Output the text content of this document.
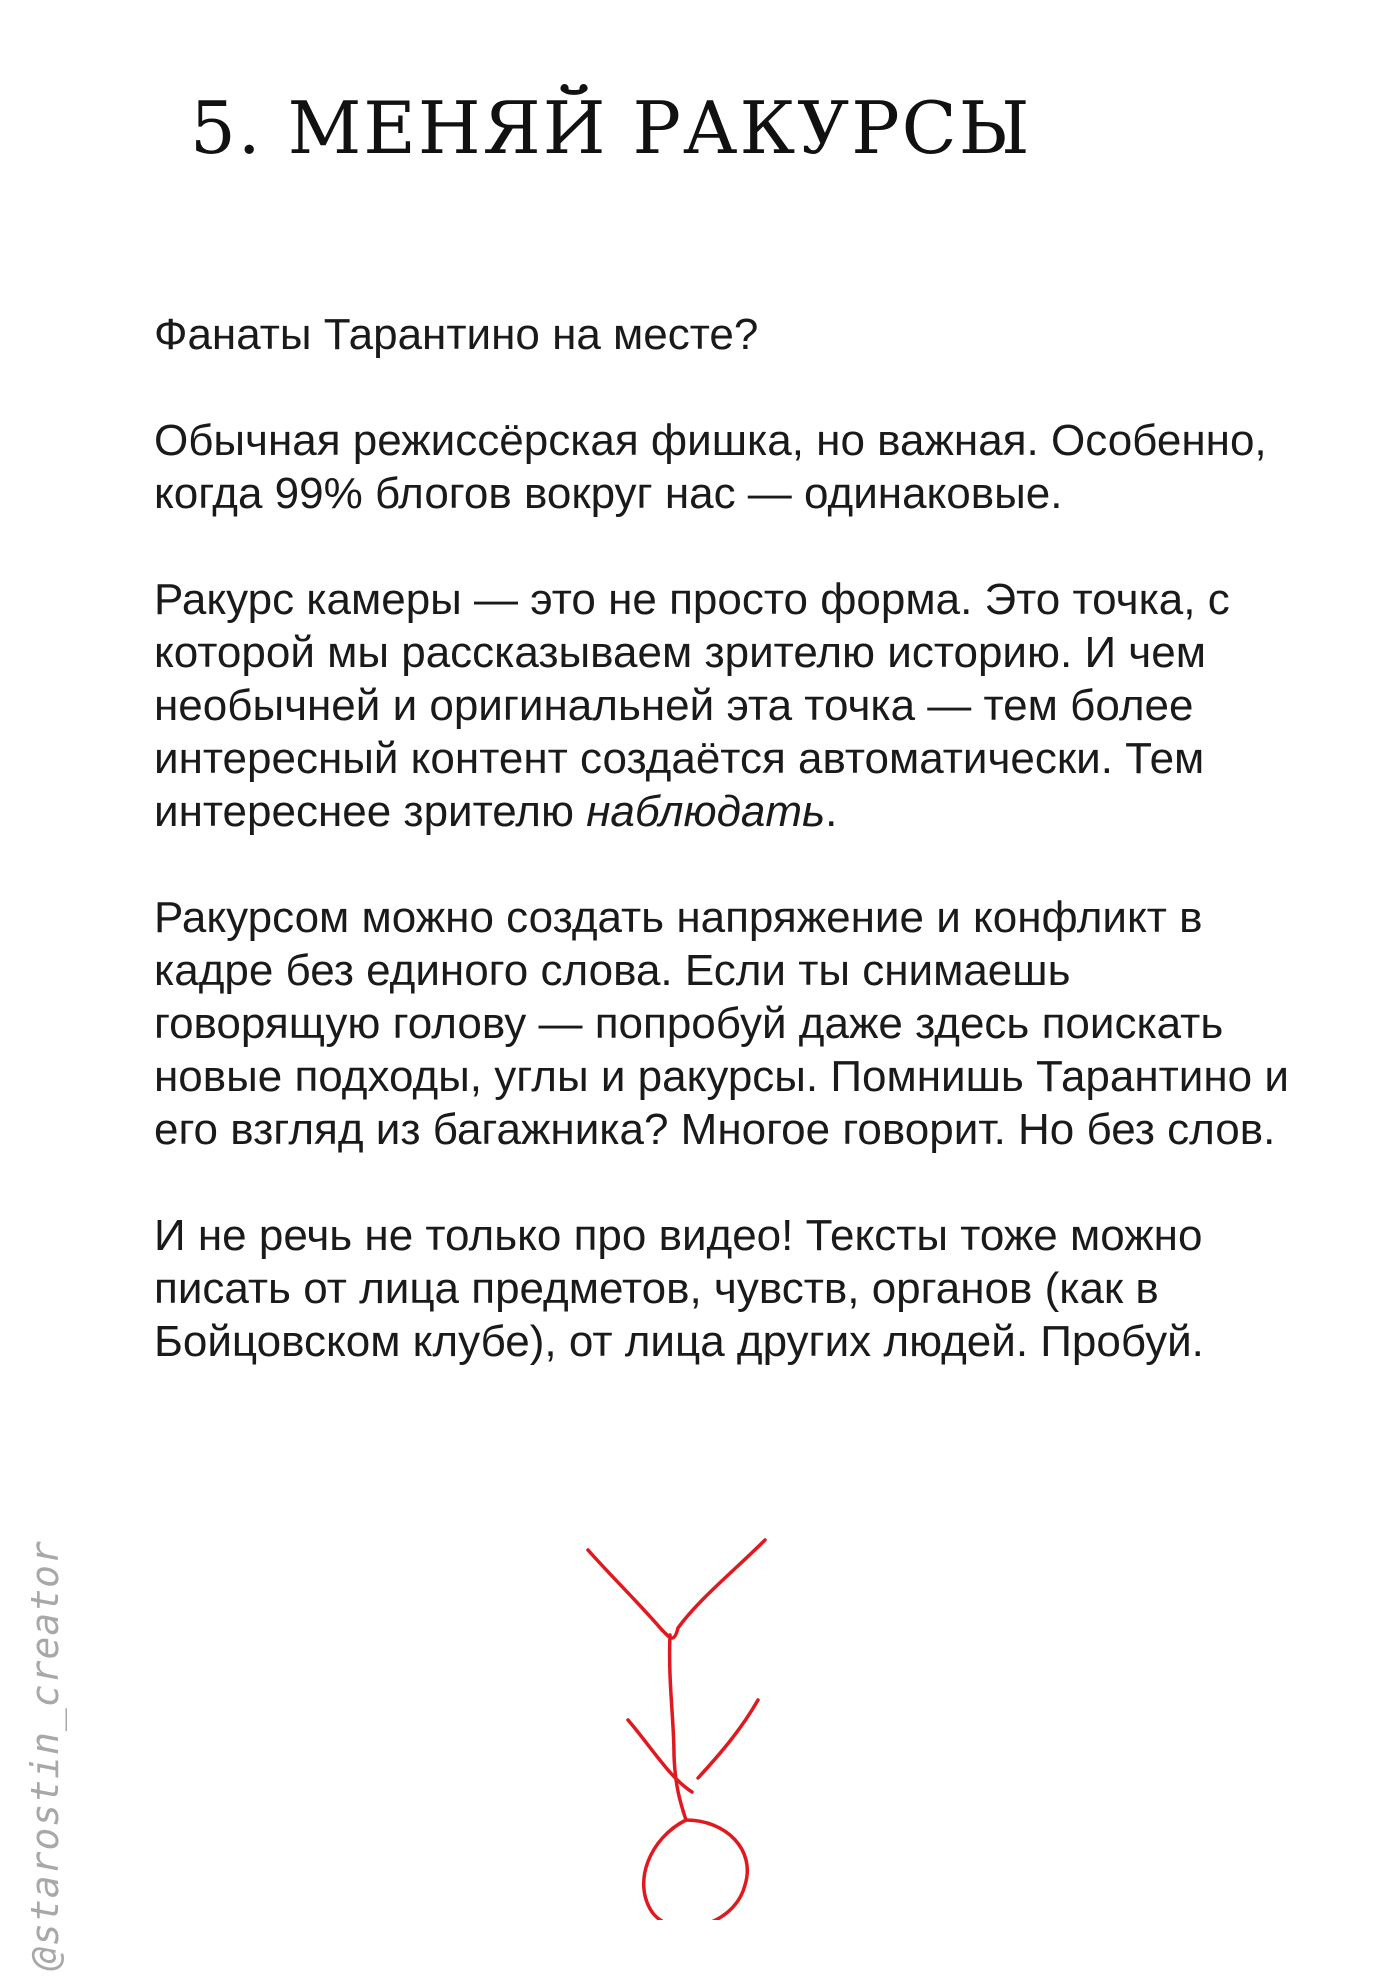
5. МЕНЯЙ РАКУРСЫ

Фанаты Тарантино на месте?

Обычная режиссёрская фишка, но важная. Особенно, когда 99% блогов вокруг нас — одинаковые.

Ракурс камеры — это не просто форма. Это точка, с которой мы рассказываем зрителю историю. И чем необычней и оригинальней эта точка — тем более интересный контент создаётся автоматически. Тем интереснее зрителю наблюдать.

Ракурсом можно создать напряжение и конфликт в кадре без единого слова. Если ты снимаешь говорящую голову — попробуй даже здесь поискать новые подходы, углы и ракурсы. Помнишь Тарантино и его взгляд из багажника? Многое говорит. Но без слов.

И не речь не только про видео! Тексты тоже можно писать от лица предметов, чувств, органов (как в Бойцовском клубе), от лица других людей. Пробуй.

@starostin_creator
